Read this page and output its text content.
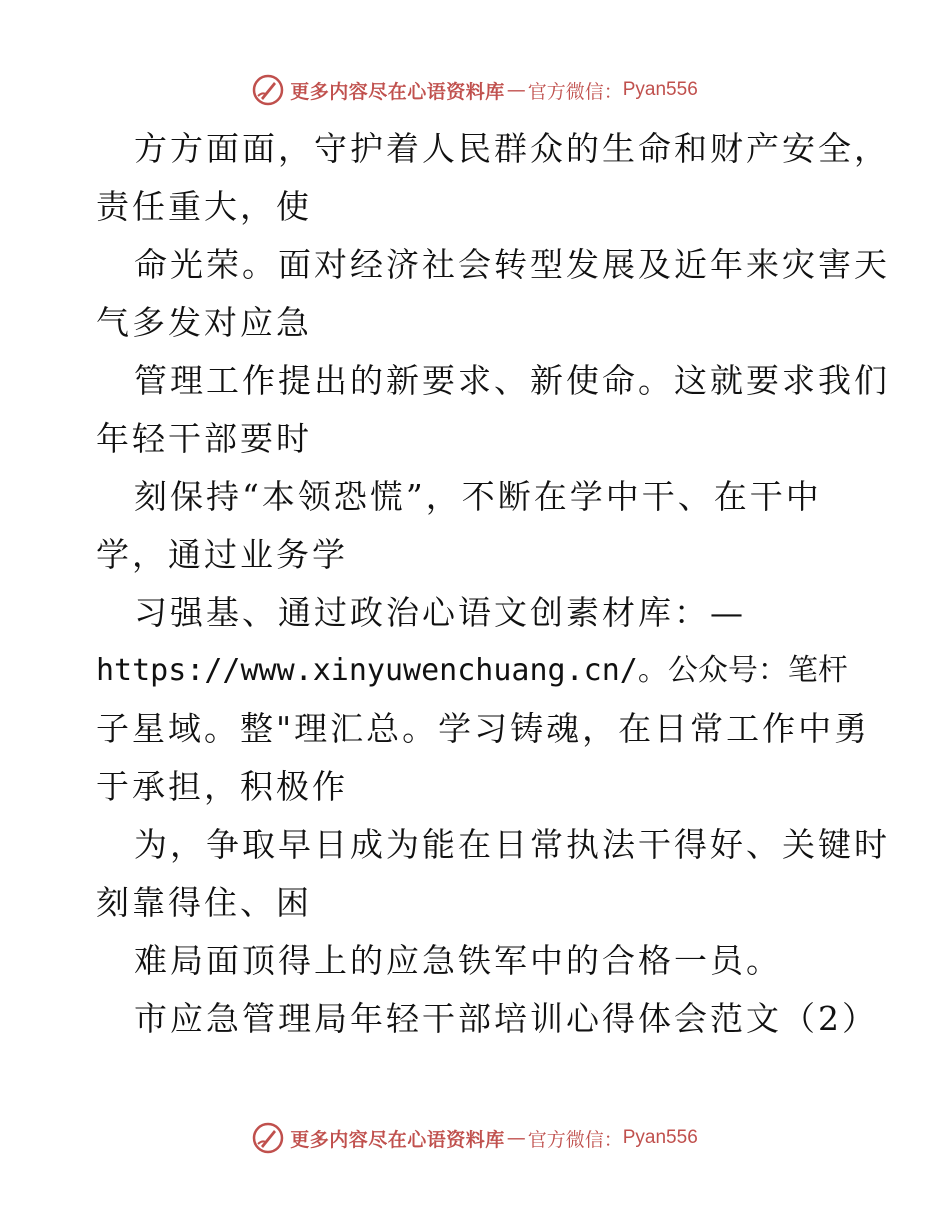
更多内容尽在心语资料库 — 官方微信： Pyan556
方方面面，守护着人民群众的生命和财产安全，
责任重大，使
命光荣。面对经济社会转型发展及近年来灾害天
气多发对应急
管理工作提出的新要求、新使命。这就要求我们
年轻干部要时
刻保持“本领恐慌”，不断在学中干、在干中
学，通过业务学
习强基、通过政治心语文创素材库：—
https://www.xinyuwenchuang.cn/。公众号：笔杆
子星域。整"理汇总。学习铸魂，在日常工作中勇
于承担，积极作
为，争取早日成为能在日常执法干得好、关键时
刻靠得住、困
难局面顶得上的应急铁军中的合格一员。
市应急管理局年轻干部培训心得体会范文（2）
更多内容尽在心语资料库 — 官方微信： Pyan556
